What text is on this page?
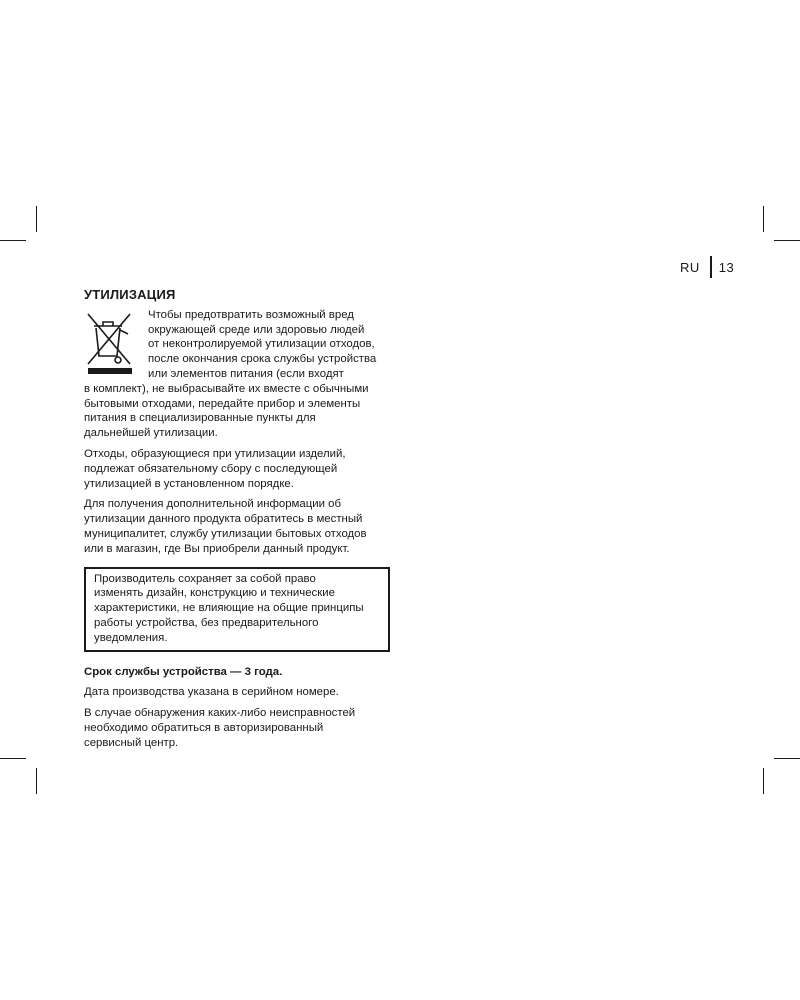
RU 13
УТИЛИЗАЦИЯ
Чтобы предотвратить возможный вред
окружающей среде или здоровью людей
от неконтролируемой утилизации отходов,
после окончания срока службы устройства
или элементов питания (если входят

в комплект), не выбрасывайте их вместе с обычными
бытовыми отходами, передайте прибор и элементы
питания в специализированные пункты для
дальнейшей утилизации.

Отходы, образующиеся при утилизации изделий,
подлежат обязательному сбору с последующей
утилизацией в установленном порядке.

Для получения дополнительной информации об
утилизации данного продукта обратитесь в местный
муниципалитет, службу утилизации бытовых отходов
или в магазин, где Вы приобрели данный продукт.

Производитель сохраняет за собой право
изменять дизайн, конструкцию и технические
характеристики, не влияющие на общие принципы
работы устройства, без предварительного
уведомления.
Срок службы устройства — 3 года.

Дата производства указана в серийном номере.

В случае обнаружения каких-либо неисправностей
необходимо обратиться в авторизированный
сервисный центр.
